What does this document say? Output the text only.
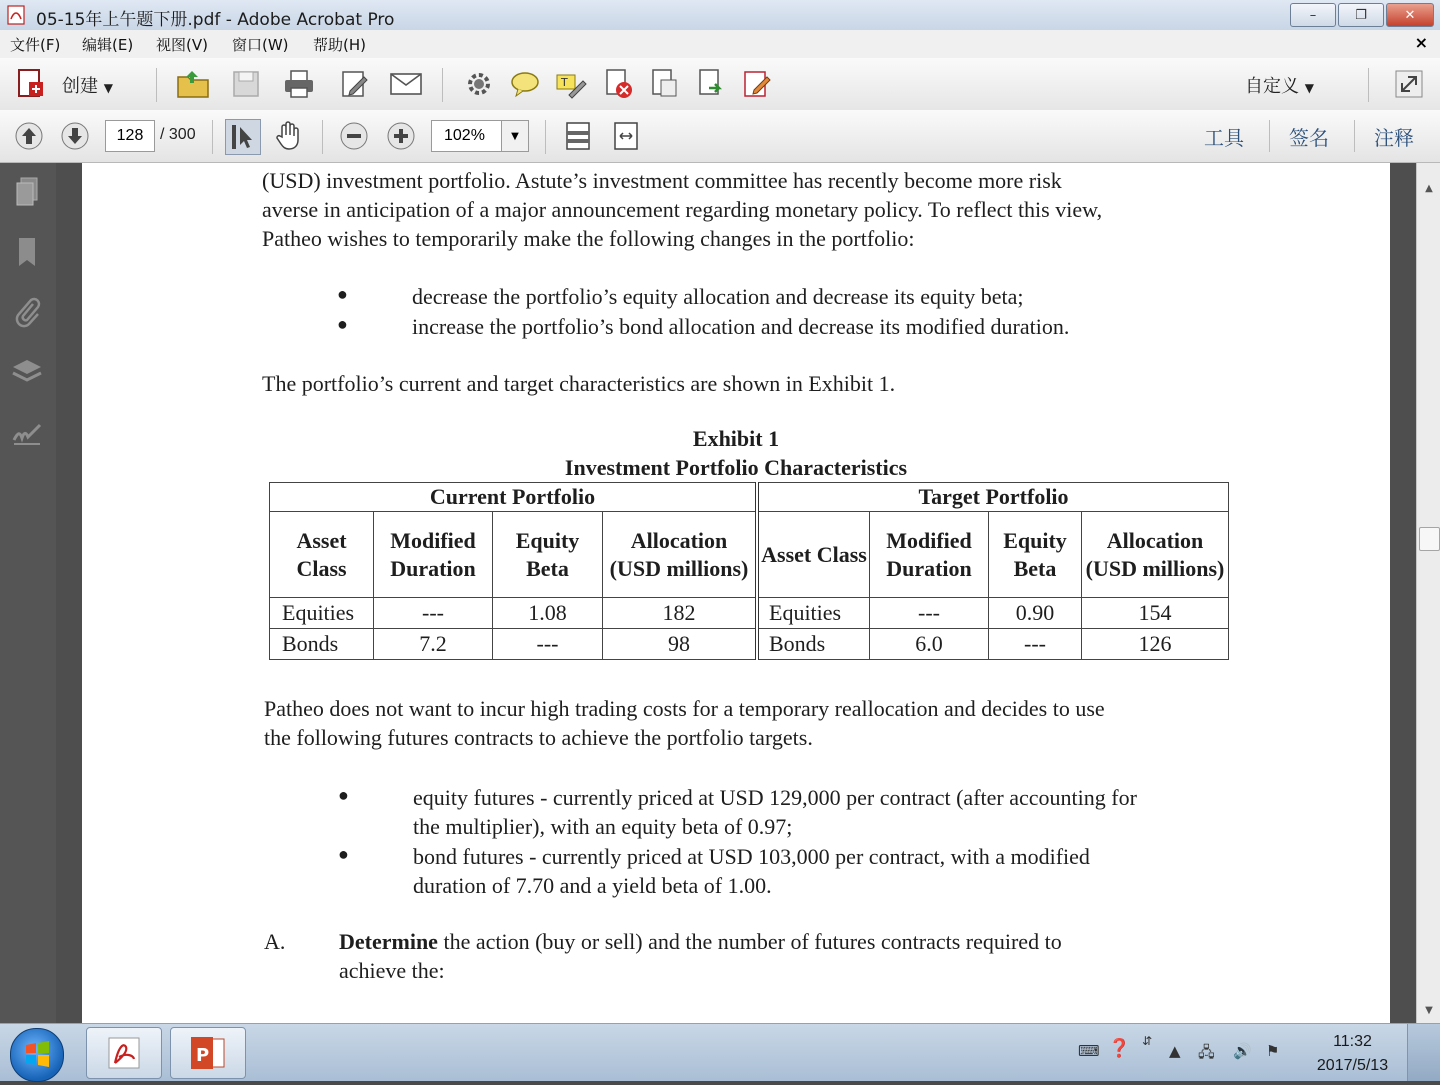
05-15年上午题下册.pdf - Adobe Acrobat Pro	–	❐	✕
文件(F) 编辑(E) 视图(V) 窗口(W) 帮助(H)	×
创建 ▼	T	自定义 ▼
128	/ 300	102%	▼	工具 签名 注释
(USD) investment portfolio. Astute’s investment committee has recently become more risk
averse in anticipation of a major announcement regarding monetary policy. To reflect this view,
Patheo wishes to temporarily make the following changes in the portfolio:
●	decrease the portfolio’s equity allocation and decrease its equity beta;
●	increase the portfolio’s bond allocation and decrease its modified duration.
The portfolio’s current and target characteristics are shown in Exhibit 1.
Exhibit 1
Investment Portfolio Characteristics
Current Portfolio				Target Portfolio			
Asset Class	Modified Duration	Equity Beta	Allocation (USD millions)	Asset Class	Modified Duration	Equity Beta	Allocation (USD millions)
Equities	---	1.08	182	Equities	---	0.90	154
Bonds	7.2	---	98	Bonds	6.0	---	126
Patheo does not want to incur high trading costs for a temporary reallocation and decides to use
the following futures contracts to achieve the portfolio targets.
●	equity futures - currently priced at USD 129,000 per contract (after accounting for
the multiplier), with an equity beta of 0.97;
●	bond futures - currently priced at USD 103,000 per contract, with a modified
duration of 7.70 and a yield beta of 1.00.
A. Determine the action (buy or sell) and the number of futures contracts required to
achieve the:
▲
▼
P	⌨ ❓ ⇵
▲ 🖧 🔊 ⚑
11:32
2017/5/13
